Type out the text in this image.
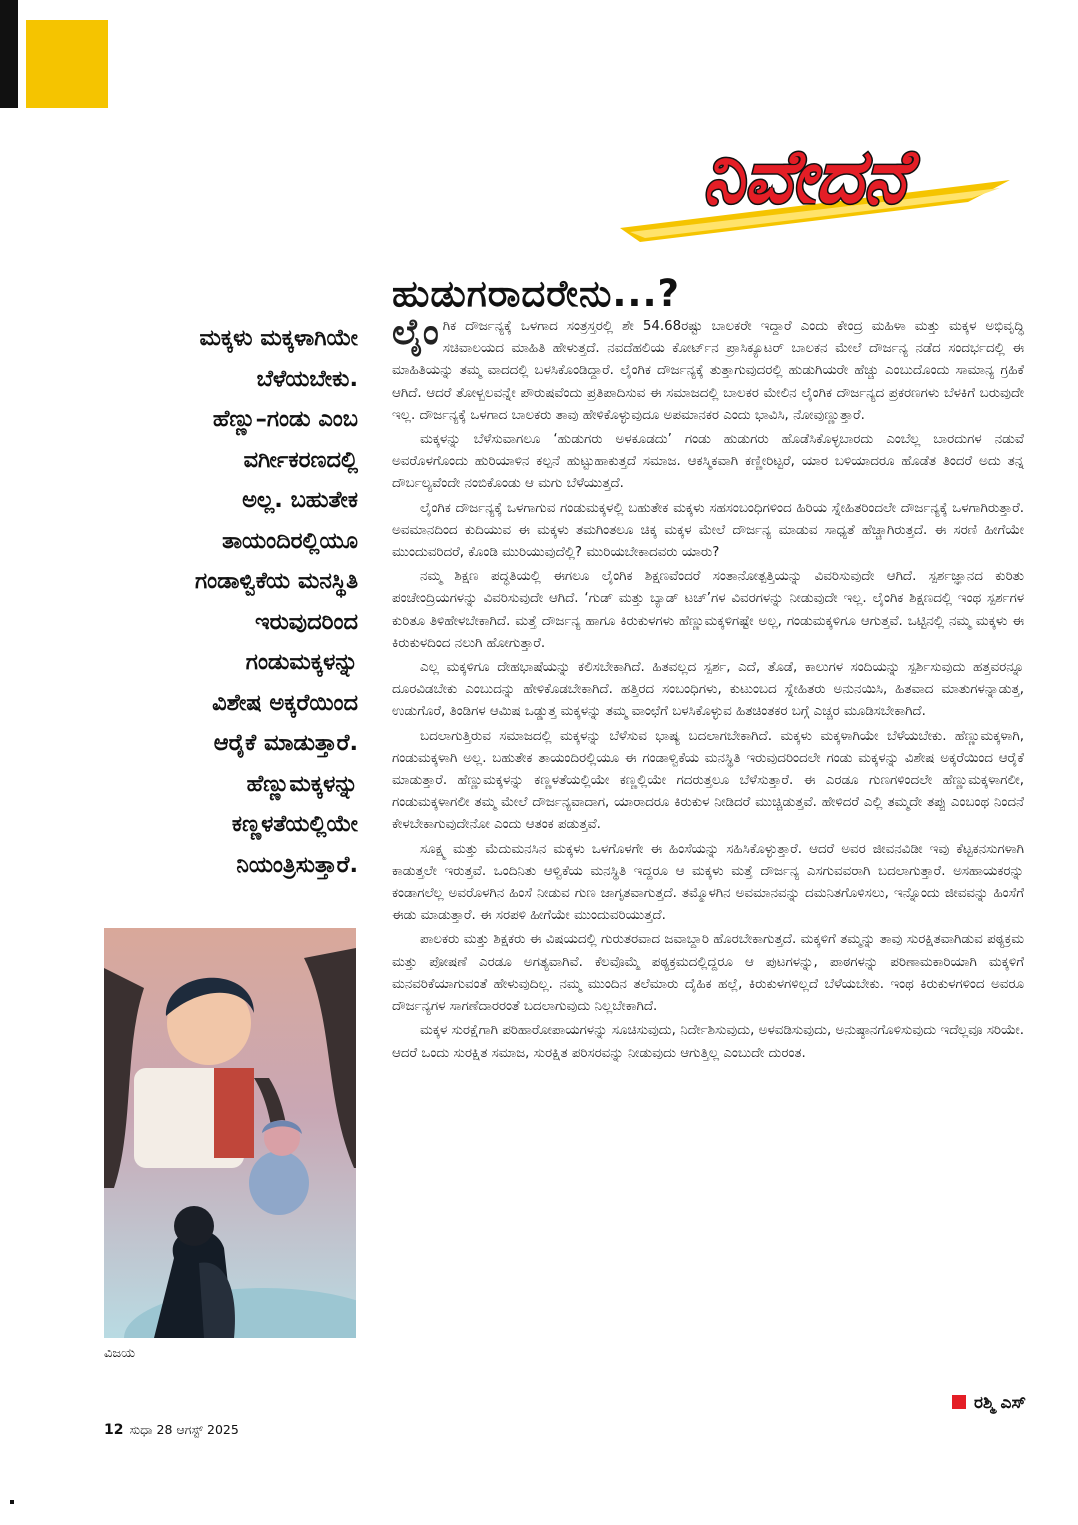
ನಿವೇದನೆ
ಹುಡುಗರಾದರೇನು...?
ಮಕ್ಕಳು ಮಕ್ಕಳಾಗಿಯೇ
ಬೆಳೆಯಬೇಕು.
ಹೆಣ್ಣು–ಗಂಡು ಎಂಬ
ವರ್ಗೀಕರಣದಲ್ಲಿ
ಅಲ್ಲ. ಬಹುತೇಕ
ತಾಯಂದಿರಲ್ಲಿಯೂ
ಗಂಡಾಳ್ವಿಕೆಯ ಮನಸ್ಥಿತಿ
ಇರುವುದರಿಂದ
ಗಂಡುಮಕ್ಕಳನ್ನು
ವಿಶೇಷ ಅಕ್ಕರೆಯಿಂದ
ಆರೈಕೆ ಮಾಡುತ್ತಾರೆ.
ಹೆಣ್ಣುಮಕ್ಕಳನ್ನು
ಕಣ್ಣಳತೆಯಲ್ಲಿಯೇ
ನಿಯಂತ್ರಿಸುತ್ತಾರೆ.
ವಿಜಯ

ಲೈಂಗಿಕ ದೌರ್ಜನ್ಯಕ್ಕೆ ಒಳಗಾದ ಸಂತ್ರಸ್ತರಲ್ಲಿ ಶೇ 54.68ರಷ್ಟು ಬಾಲಕರೇ ಇದ್ದಾರೆ ಎಂದು ಕೇಂದ್ರ ಮಹಿಳಾ ಮತ್ತು ಮಕ್ಕಳ ಅಭಿವೃದ್ಧಿ ಸಚಿವಾಲಯದ ಮಾಹಿತಿ ಹೇಳುತ್ತದೆ. ನವದೆಹಲಿಯ ಕೋರ್ಟ್‌ನ ಪ್ರಾಸಿಕ್ಯೂಟರ್ ಬಾಲಕನ ಮೇಲೆ ದೌರ್ಜನ್ಯ ನಡೆದ ಸಂದರ್ಭದಲ್ಲಿ ಈ ಮಾಹಿತಿಯನ್ನು ತಮ್ಮ ವಾದದಲ್ಲಿ ಬಳಸಿಕೊಂಡಿದ್ದಾರೆ. ಲೈಂಗಿಕ ದೌರ್ಜನ್ಯಕ್ಕೆ ತುತ್ತಾಗುವುದರಲ್ಲಿ ಹುಡುಗಿಯರೇ ಹೆಚ್ಚು ಎಂಬುದೊಂದು ಸಾಮಾನ್ಯ ಗ್ರಹಿಕೆ ಆಗಿದೆ. ಆದರೆ ತೋಳ್ಬಲವನ್ನೇ ಪೌರುಷವೆಂದು ಪ್ರತಿಪಾದಿಸುವ ಈ ಸಮಾಜದಲ್ಲಿ ಬಾಲಕರ ಮೇಲಿನ ಲೈಂಗಿಕ ದೌರ್ಜನ್ಯದ ಪ್ರಕರಣಗಳು ಬೆಳಕಿಗೆ ಬರುವುದೇ ಇಲ್ಲ. ದೌರ್ಜನ್ಯಕ್ಕೆ ಒಳಗಾದ ಬಾಲಕರು ತಾವು ಹೇಳಿಕೊಳ್ಳುವುದೂ ಅಪಮಾನಕರ ಎಂದು ಭಾವಿಸಿ, ನೋವುಣ್ಣುತ್ತಾರೆ.

ಮಕ್ಕಳನ್ನು ಬೆಳೆಸುವಾಗಲೂ ‘ಹುಡುಗರು ಅಳಕೂಡದು’ ಗಂಡು ಹುಡುಗರು ಹೊಡೆಸಿಕೊಳ್ಳಬಾರದು ಎಂಬೆಲ್ಲ ಬಾರದುಗಳ ನಡುವೆ ಅವರೊಳಗೊಂದು ಹುರಿಯಾಳಿನ ಕಲ್ಪನೆ ಹುಟ್ಟುಹಾಕುತ್ತದೆ ಸಮಾಜ. ಆಕಸ್ಮಿಕವಾಗಿ ಕಣ್ಣೀರಿಟ್ಟರೆ, ಯಾರ ಬಳಿಯಾದರೂ ಹೊಡೆತ ತಿಂದರೆ ಅದು ತನ್ನ ದೌರ್ಬಲ್ಯವೆಂದೇ ನಂಬಿಕೊಂಡು ಆ ಮಗು ಬೆಳೆಯುತ್ತದೆ.

ಲೈಂಗಿಕ ದೌರ್ಜನ್ಯಕ್ಕೆ ಒಳಗಾಗುವ ಗಂಡುಮಕ್ಕಳಲ್ಲಿ ಬಹುತೇಕ ಮಕ್ಕಳು ಸಹಸಂಬಂಧಿಗಳಿಂದ ಹಿರಿಯ ಸ್ನೇಹಿತರಿಂದಲೇ ದೌರ್ಜನ್ಯಕ್ಕೆ ಒಳಗಾಗಿರುತ್ತಾರೆ. ಅವಮಾನದಿಂದ ಕುದಿಯುವ ಈ ಮಕ್ಕಳು ತಮಗಿಂತಲೂ ಚಿಕ್ಕ ಮಕ್ಕಳ ಮೇಲೆ ದೌರ್ಜನ್ಯ ಮಾಡುವ ಸಾಧ್ಯತೆ ಹೆಚ್ಚಾಗಿರುತ್ತದೆ. ಈ ಸರಣಿ ಹೀಗೆಯೇ ಮುಂದುವರಿದರೆ, ಕೊಂಡಿ ಮುರಿಯುವುದೆಲ್ಲಿ? ಮುರಿಯಬೇಕಾದವರು ಯಾರು?

ನಮ್ಮ ಶಿಕ್ಷಣ ಪದ್ಧತಿಯಲ್ಲಿ ಈಗಲೂ ಲೈಂಗಿಕ ಶಿಕ್ಷಣವೆಂದರೆ ಸಂತಾನೋತ್ಪತ್ತಿಯನ್ನು ವಿವರಿಸುವುದೇ ಆಗಿದೆ. ಸ್ಪರ್ಶಜ್ಞಾನದ ಕುರಿತು ಪಂಚೇಂದ್ರಿಯಗಳನ್ನು ವಿವರಿಸುವುದೇ ಆಗಿದೆ. ‘ಗುಡ್ ಮತ್ತು ಬ್ಯಾಡ್ ಟಚ್’ಗಳ ವಿವರಗಳನ್ನು ನೀಡುವುದೇ ಇಲ್ಲ. ಲೈಂಗಿಕ ಶಿಕ್ಷಣದಲ್ಲಿ ಇಂಥ ಸ್ಪರ್ಶಗಳ ಕುರಿತೂ ತಿಳಿಹೇಳಬೇಕಾಗಿದೆ. ಮತ್ತೆ ದೌರ್ಜನ್ಯ ಹಾಗೂ ಕಿರುಕುಳಗಳು ಹೆಣ್ಣುಮಕ್ಕಳಿಗಷ್ಟೇ ಅಲ್ಲ, ಗಂಡುಮಕ್ಕಳಿಗೂ ಆಗುತ್ತವೆ. ಒಟ್ಟಿನಲ್ಲಿ ನಮ್ಮ ಮಕ್ಕಳು ಈ ಕಿರುಕುಳದಿಂದ ನಲುಗಿ ಹೋಗುತ್ತಾರೆ.

ಎಲ್ಲ ಮಕ್ಕಳಿಗೂ ದೇಹಭಾಷೆಯನ್ನು ಕಲಿಸಬೇಕಾಗಿದೆ. ಹಿತವಲ್ಲದ ಸ್ಪರ್ಶ, ಎದೆ, ತೊಡೆ, ಕಾಲುಗಳ ಸಂದಿಯನ್ನು ಸ್ಪರ್ಶಿಸುವುದು ಹತ್ತವರನ್ನೂ ದೂರವಿಡಬೇಕು ಎಂಬುದನ್ನು ಹೇಳಿಕೊಡಬೇಕಾಗಿದೆ. ಹತ್ತಿರದ ಸಂಬಂಧಿಗಳು, ಕುಟುಂಬದ ಸ್ನೇಹಿತರು ಅನುನಯಿಸಿ, ಹಿತವಾದ ಮಾತುಗಳನ್ನಾಡುತ್ತ, ಉಡುಗೊರೆ, ತಿಂಡಿಗಳ ಆಮಿಷ ಒಡ್ಡುತ್ತ ಮಕ್ಕಳನ್ನು ತಮ್ಮ ವಾಂಛೆಗೆ ಬಳಸಿಕೊಳ್ಳುವ ಹಿತಚಿಂತಕರ ಬಗ್ಗೆ ಎಚ್ಚರ ಮೂಡಿಸಬೇಕಾಗಿದೆ.

ಬದಲಾಗುತ್ತಿರುವ ಸಮಾಜದಲ್ಲಿ ಮಕ್ಕಳನ್ನು ಬೆಳೆಸುವ ಭಾಷ್ಯ ಬದಲಾಗಬೇಕಾಗಿದೆ. ಮಕ್ಕಳು ಮಕ್ಕಳಾಗಿಯೇ ಬೆಳೆಯಬೇಕು. ಹೆಣ್ಣುಮಕ್ಕಳಾಗಿ, ಗಂಡುಮಕ್ಕಳಾಗಿ ಅಲ್ಲ. ಬಹುತೇಕ ತಾಯಂದಿರಲ್ಲಿಯೂ ಈ ಗಂಡಾಳ್ವಿಕೆಯ ಮನಸ್ಥಿತಿ ಇರುವುದರಿಂದಲೇ ಗಂಡು ಮಕ್ಕಳನ್ನು ವಿಶೇಷ ಅಕ್ಕರೆಯಿಂದ ಆರೈಕೆ ಮಾಡುತ್ತಾರೆ. ಹೆಣ್ಣುಮಕ್ಕಳನ್ನು ಕಣ್ಣಳತೆಯಲ್ಲಿಯೇ ಕಣ್ಣಲ್ಲಿಯೇ ಗದರುತ್ತಲೂ ಬೆಳೆಸುತ್ತಾರೆ. ಈ ಎರಡೂ ಗುಣಗಳಿಂದಲೇ ಹೆಣ್ಣುಮಕ್ಕಳಾಗಲೀ, ಗಂಡುಮಕ್ಕಳಾಗಲೀ ತಮ್ಮ ಮೇಲೆ ದೌರ್ಜನ್ಯವಾದಾಗ, ಯಾರಾದರೂ ಕಿರುಕುಳ ನೀಡಿದರೆ ಮುಚ್ಚಿಡುತ್ತವೆ. ಹೇಳಿದರೆ ಎಲ್ಲಿ ತಮ್ಮದೇ ತಪ್ಪು ಎಂಬಂಥ ನಿಂದನೆ ಕೇಳಬೇಕಾಗುವುದೇನೋ ಎಂದು ಆತಂಕ ಪಡುತ್ತವೆ.

ಸೂಕ್ಷ್ಮ ಮತ್ತು ಮೆದುಮನಸಿನ ಮಕ್ಕಳು ಒಳಗೊಳಗೇ ಈ ಹಿಂಸೆಯನ್ನು ಸಹಿಸಿಕೊಳ್ಳುತ್ತಾರೆ. ಆದರೆ ಅವರ ಜೀವನವಿಡೀ ಇವು ಕೆಟ್ಟಕನಸುಗಳಾಗಿ ಕಾಡುತ್ತಲೇ ಇರುತ್ತವೆ. ಒಂದಿನಿತು ಆಳ್ವಿಕೆಯ ಮನಸ್ಥಿತಿ ಇದ್ದರೂ ಆ ಮಕ್ಕಳು ಮತ್ತೆ ದೌರ್ಜನ್ಯ ಎಸಗುವವರಾಗಿ ಬದಲಾಗುತ್ತಾರೆ. ಅಸಹಾಯಕರನ್ನು ಕಂಡಾಗಲೆಲ್ಲ ಅವರೊಳಗಿನ ಹಿಂಸೆ ನೀಡುವ ಗುಣ ಜಾಗೃತವಾಗುತ್ತದೆ. ತಮ್ಮೊಳಗಿನ ಅವಮಾನವನ್ನು ದಮನಿತಗೊಳಿಸಲು, ಇನ್ನೊಂದು ಜೀವವನ್ನು ಹಿಂಸೆಗೆ ಈಡು ಮಾಡುತ್ತಾರೆ. ಈ ಸರಪಳಿ ಹೀಗೆಯೇ ಮುಂದುವರಿಯುತ್ತದೆ.

ಪಾಲಕರು ಮತ್ತು ಶಿಕ್ಷಕರು ಈ ವಿಷಯದಲ್ಲಿ ಗುರುತರವಾದ ಜವಾಬ್ದಾರಿ ಹೊರಬೇಕಾಗುತ್ತದೆ. ಮಕ್ಕಳಿಗೆ ತಮ್ಮನ್ನು ತಾವು ಸುರಕ್ಷಿತವಾಗಿಡುವ ಪಠ್ಯಕ್ರಮ ಮತ್ತು ಪೋಷಣೆ ಎರಡೂ ಅಗತ್ಯವಾಗಿವೆ. ಕೆಲವೊಮ್ಮೆ ಪಠ್ಯಕ್ರಮದಲ್ಲಿದ್ದರೂ ಆ ಪುಟಗಳನ್ನು, ಪಾಠಗಳನ್ನು ಪರಿಣಾಮಕಾರಿಯಾಗಿ ಮಕ್ಕಳಿಗೆ ಮನವರಿಕೆಯಾಗುವಂತೆ ಹೇಳುವುದಿಲ್ಲ. ನಮ್ಮ ಮುಂದಿನ ತಲೆಮಾರು ದೈಹಿಕ ಹಲ್ಲೆ, ಕಿರುಕುಳಗಳಿಲ್ಲದೆ ಬೆಳೆಯಬೇಕು. ಇಂಥ ಕಿರುಕುಳಗಳಿಂದ ಅವರೂ ದೌರ್ಜನ್ಯಗಳ ಸಾಗಣೆದಾರರಂತೆ ಬದಲಾಗುವುದು ನಿಲ್ಲಬೇಕಾಗಿದೆ.

ಮಕ್ಕಳ ಸುರಕ್ಷೆಗಾಗಿ ಪರಿಹಾರೋಪಾಯಗಳನ್ನು ಸೂಚಿಸುವುದು, ನಿರ್ದೇಶಿಸುವುದು, ಅಳವಡಿಸುವುದು, ಅನುಷ್ಠಾನಗೊಳಿಸುವುದು ಇದೆಲ್ಲವೂ ಸರಿಯೇ. ಆದರೆ ಒಂದು ಸುರಕ್ಷಿತ ಸಮಾಜ, ಸುರಕ್ಷಿತ ಪರಿಸರವನ್ನು ನೀಡುವುದು ಆಗುತ್ತಿಲ್ಲ ಎಂಬುದೇ ದುರಂತ.

ರಶ್ಮಿ ಎಸ್
12 ಸುಧಾ 28 ಆಗಸ್ಟ್ 2025
